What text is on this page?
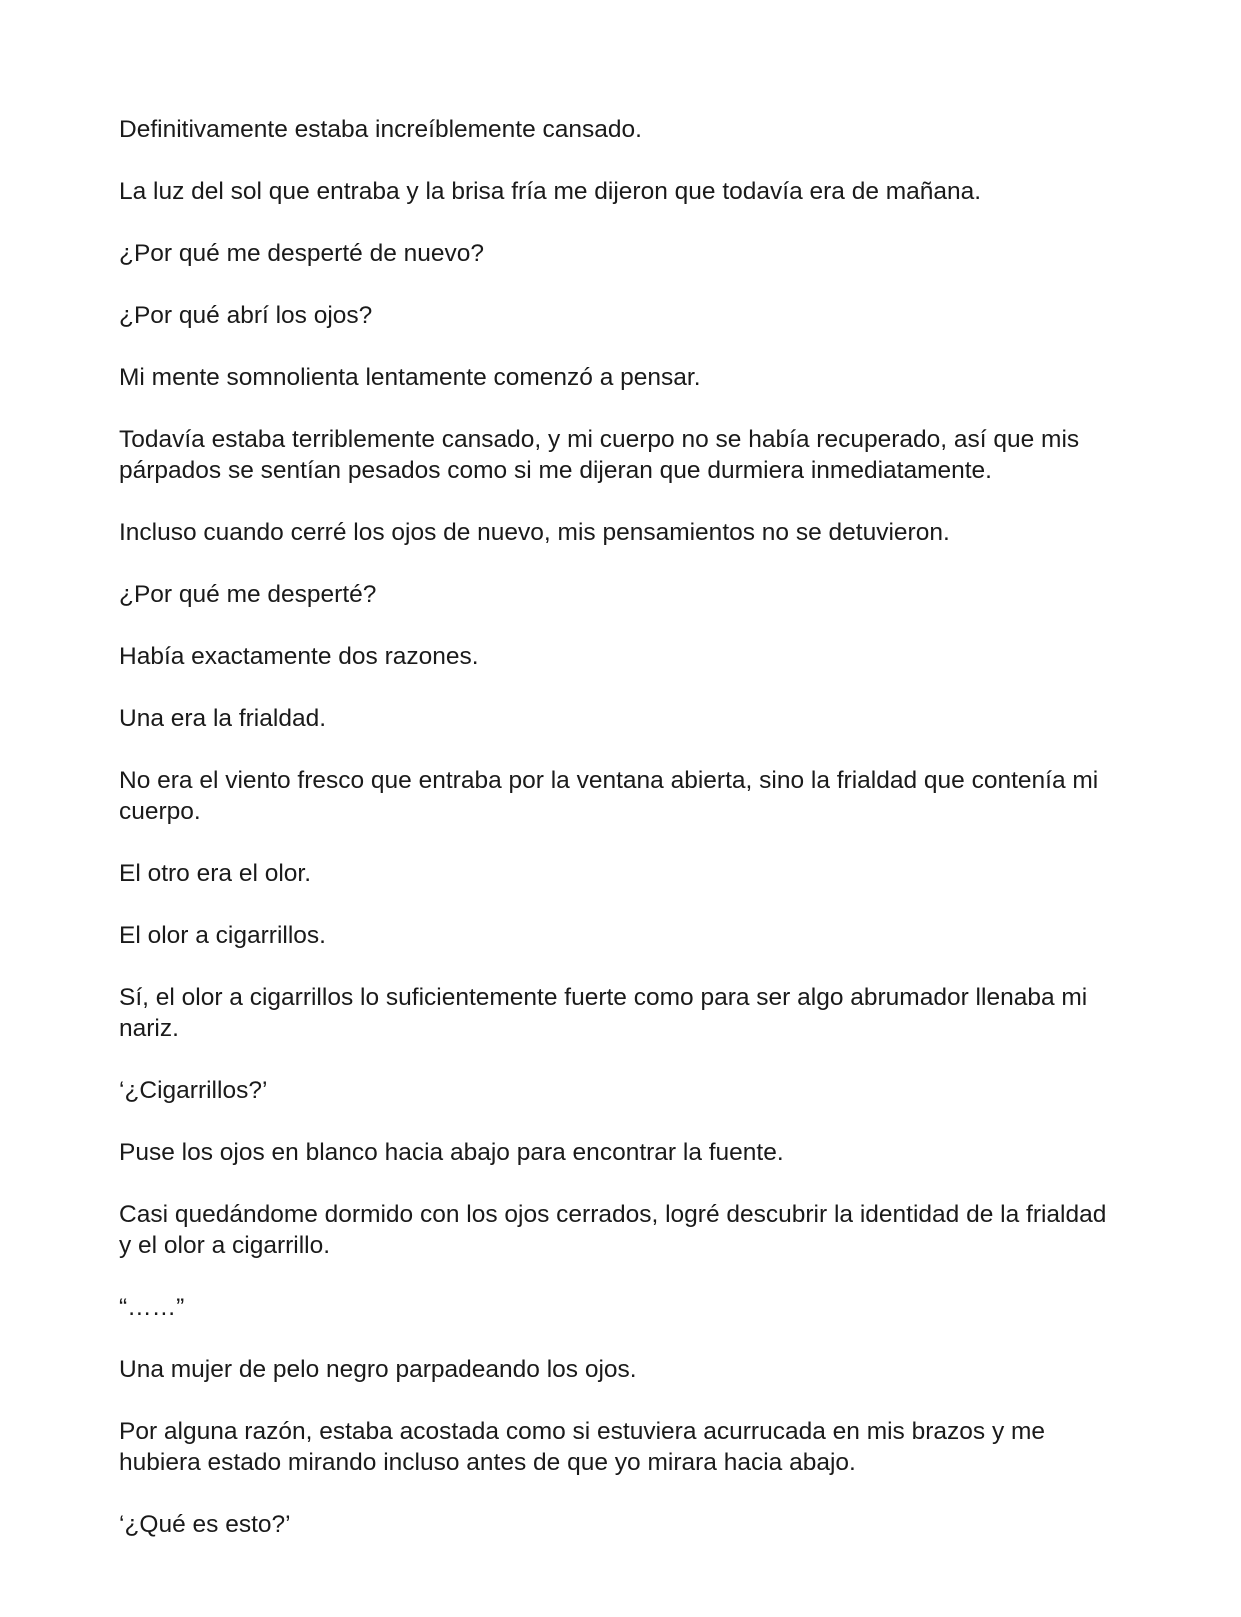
Definitivamente estaba increíblemente cansado.

La luz del sol que entraba y la brisa fría me dijeron que todavía era de mañana.

¿Por qué me desperté de nuevo?

¿Por qué abrí los ojos?

Mi mente somnolienta lentamente comenzó a pensar.

Todavía estaba terriblemente cansado, y mi cuerpo no se había recuperado, así que mis párpados se sentían pesados como si me dijeran que durmiera inmediatamente.

Incluso cuando cerré los ojos de nuevo, mis pensamientos no se detuvieron.

¿Por qué me desperté?

Había exactamente dos razones.

Una era la frialdad.

No era el viento fresco que entraba por la ventana abierta, sino la frialdad que contenía mi cuerpo.

El otro era el olor.

El olor a cigarrillos.

Sí, el olor a cigarrillos lo suficientemente fuerte como para ser algo abrumador llenaba mi nariz.

‘¿Cigarrillos?’

Puse los ojos en blanco hacia abajo para encontrar la fuente.

Casi quedándome dormido con los ojos cerrados, logré descubrir la identidad de la frialdad y el olor a cigarrillo.

“……”

Una mujer de pelo negro parpadeando los ojos.

Por alguna razón, estaba acostada como si estuviera acurrucada en mis brazos y me hubiera estado mirando incluso antes de que yo mirara hacia abajo.

‘¿Qué es esto?’
